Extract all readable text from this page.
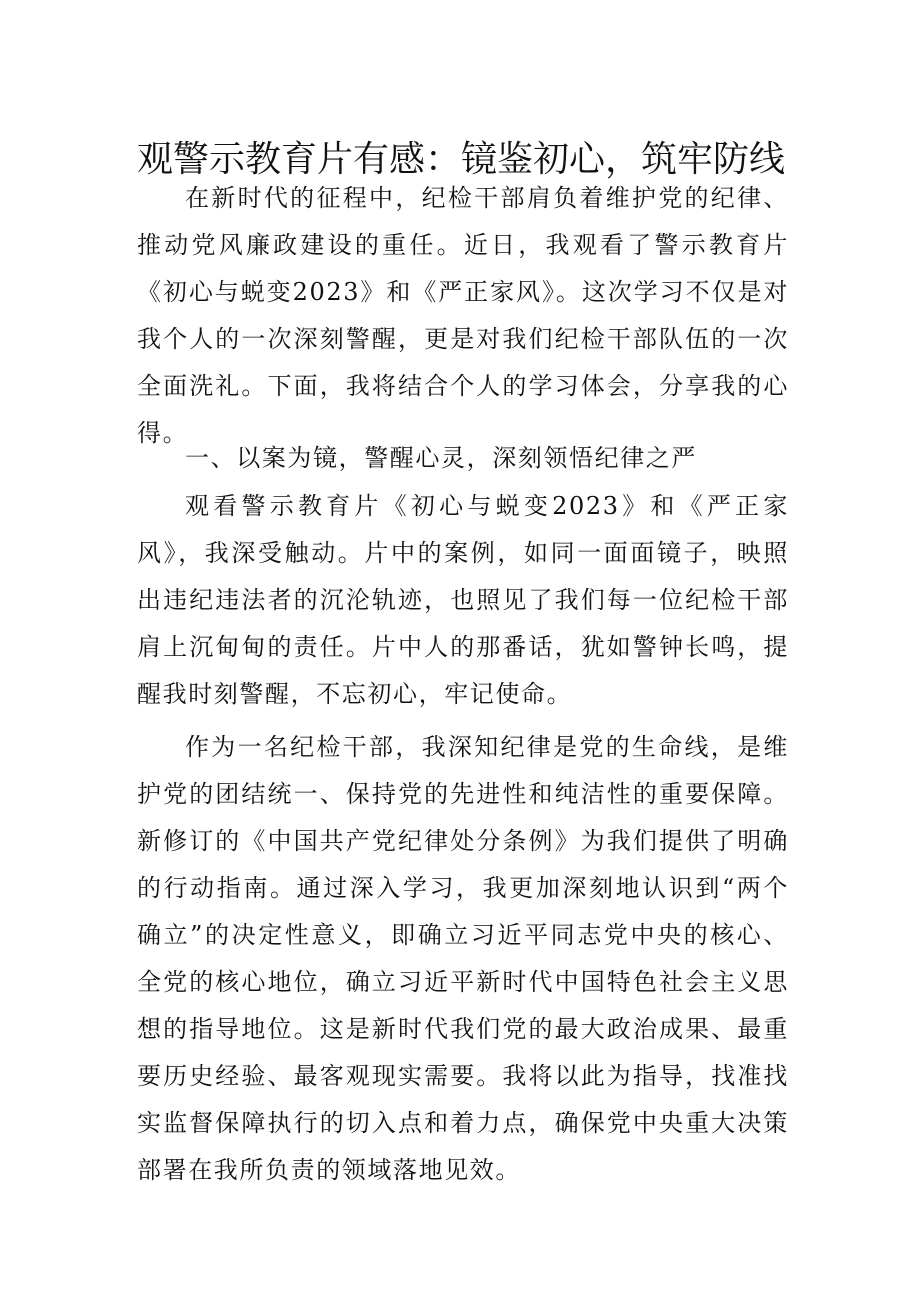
观警示教育片有感：镜鉴初心，筑牢防线

在新时代的征程中，纪检干部肩负着维护党的纪律、推动党风廉政建设的重任。近日，我观看了警示教育片《初心与蜕变2023》和《严正家风》。这次学习不仅是对我个人的一次深刻警醒，更是对我们纪检干部队伍的一次全面洗礼。下面，我将结合个人的学习体会，分享我的心得。

一、以案为镜，警醒心灵，深刻领悟纪律之严

观看警示教育片《初心与蜕变2023》和《严正家风》，我深受触动。片中的案例，如同一面面镜子，映照出违纪违法者的沉沦轨迹，也照见了我们每一位纪检干部肩上沉甸甸的责任。片中人的那番话，犹如警钟长鸣，提醒我时刻警醒，不忘初心，牢记使命。

作为一名纪检干部，我深知纪律是党的生命线，是维护党的团结统一、保持党的先进性和纯洁性的重要保障。新修订的《中国共产党纪律处分条例》为我们提供了明确的行动指南。通过深入学习，我更加深刻地认识到“两个确立”的决定性意义，即确立习近平同志党中央的核心、全党的核心地位，确立习近平新时代中国特色社会主义思想的指导地位。这是新时代我们党的最大政治成果、最重要历史经验、最客观现实需要。我将以此为指导，找准找实监督保障执行的切入点和着力点，确保党中央重大决策部署在我所负责的领域落地见效。
